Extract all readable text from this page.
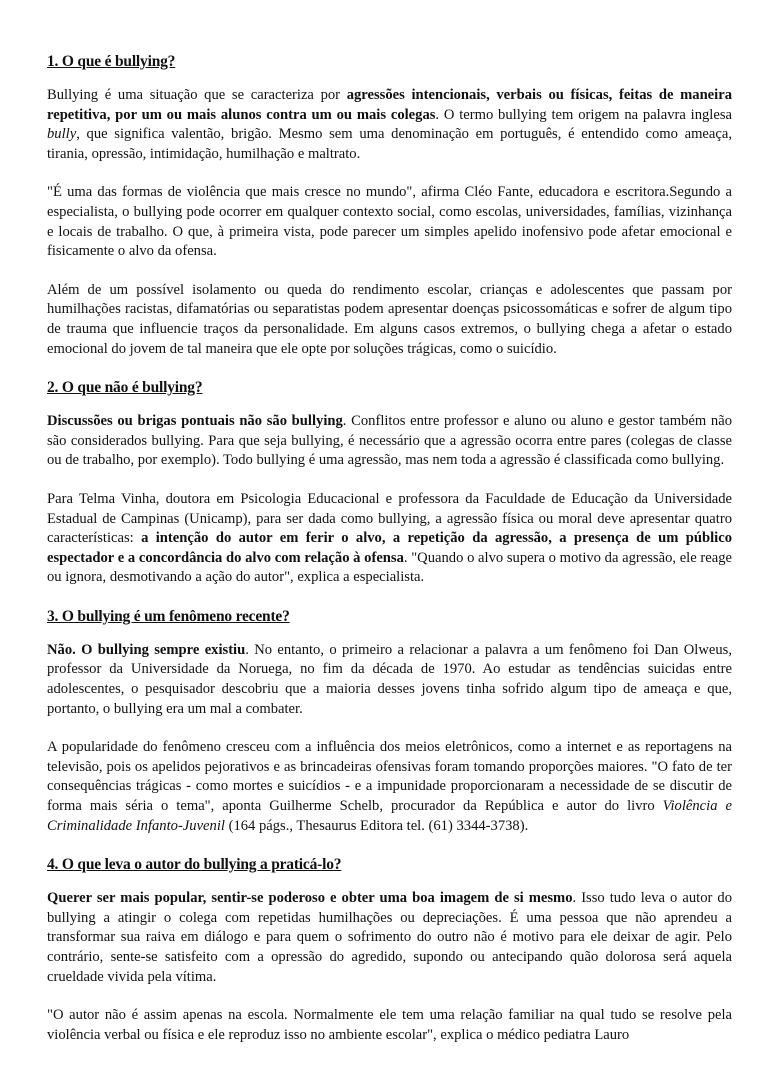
1. O que é bullying?

Bullying é uma situação que se caracteriza por agressões intencionais, verbais ou físicas, feitas de maneira repetitiva, por um ou mais alunos contra um ou mais colegas. O termo bullying tem origem na palavra inglesa bully, que significa valentão, brigão. Mesmo sem uma denominação em português, é entendido como ameaça, tirania, opressão, intimidação, humilhação e maltrato.

"É uma das formas de violência que mais cresce no mundo", afirma Cléo Fante, educadora e escritora.Segundo a especialista, o bullying pode ocorrer em qualquer contexto social, como escolas, universidades, famílias, vizinhança e locais de trabalho. O que, à primeira vista, pode parecer um simples apelido inofensivo pode afetar emocional e fisicamente o alvo da ofensa.

Além de um possível isolamento ou queda do rendimento escolar, crianças e adolescentes que passam por humilhações racistas, difamatórias ou separatistas podem apresentar doenças psicossomáticas e sofrer de algum tipo de trauma que influencie traços da personalidade. Em alguns casos extremos, o bullying chega a afetar o estado emocional do jovem de tal maneira que ele opte por soluções trágicas, como o suicídio.

2. O que não é bullying?

Discussões ou brigas pontuais não são bullying. Conflitos entre professor e aluno ou aluno e gestor também não são considerados bullying. Para que seja bullying, é necessário que a agressão ocorra entre pares (colegas de classe ou de trabalho, por exemplo). Todo bullying é uma agressão, mas nem toda a agressão é classificada como bullying.

Para Telma Vinha, doutora em Psicologia Educacional e professora da Faculdade de Educação da Universidade Estadual de Campinas (Unicamp), para ser dada como bullying, a agressão física ou moral deve apresentar quatro características: a intenção do autor em ferir o alvo, a repetição da agressão, a presença de um público espectador e a concordância do alvo com relação à ofensa. "Quando o alvo supera o motivo da agressão, ele reage ou ignora, desmotivando a ação do autor", explica a especialista.

3. O bullying é um fenômeno recente?

Não. O bullying sempre existiu. No entanto, o primeiro a relacionar a palavra a um fenômeno foi Dan Olweus, professor da Universidade da Noruega, no fim da década de 1970. Ao estudar as tendências suicidas entre adolescentes, o pesquisador descobriu que a maioria desses jovens tinha sofrido algum tipo de ameaça e que, portanto, o bullying era um mal a combater.

A popularidade do fenômeno cresceu com a influência dos meios eletrônicos, como a internet e as reportagens na televisão, pois os apelidos pejorativos e as brincadeiras ofensivas foram tomando proporções maiores. "O fato de ter consequências trágicas - como mortes e suicídios - e a impunidade proporcionaram a necessidade de se discutir de forma mais séria o tema", aponta Guilherme Schelb, procurador da República e autor do livro Violência e Criminalidade Infanto-Juvenil (164 págs., Thesaurus Editora tel. (61) 3344-3738).

4. O que leva o autor do bullying a praticá-lo?

Querer ser mais popular, sentir-se poderoso e obter uma boa imagem de si mesmo. Isso tudo leva o autor do bullying a atingir o colega com repetidas humilhações ou depreciações. É uma pessoa que não aprendeu a transformar sua raiva em diálogo e para quem o sofrimento do outro não é motivo para ele deixar de agir. Pelo contrário, sente-se satisfeito com a opressão do agredido, supondo ou antecipando quão dolorosa será aquela crueldade vivida pela vítima.

"O autor não é assim apenas na escola. Normalmente ele tem uma relação familiar na qual tudo se resolve pela violência verbal ou física e ele reproduz isso no ambiente escolar", explica o médico pediatra Lauro
